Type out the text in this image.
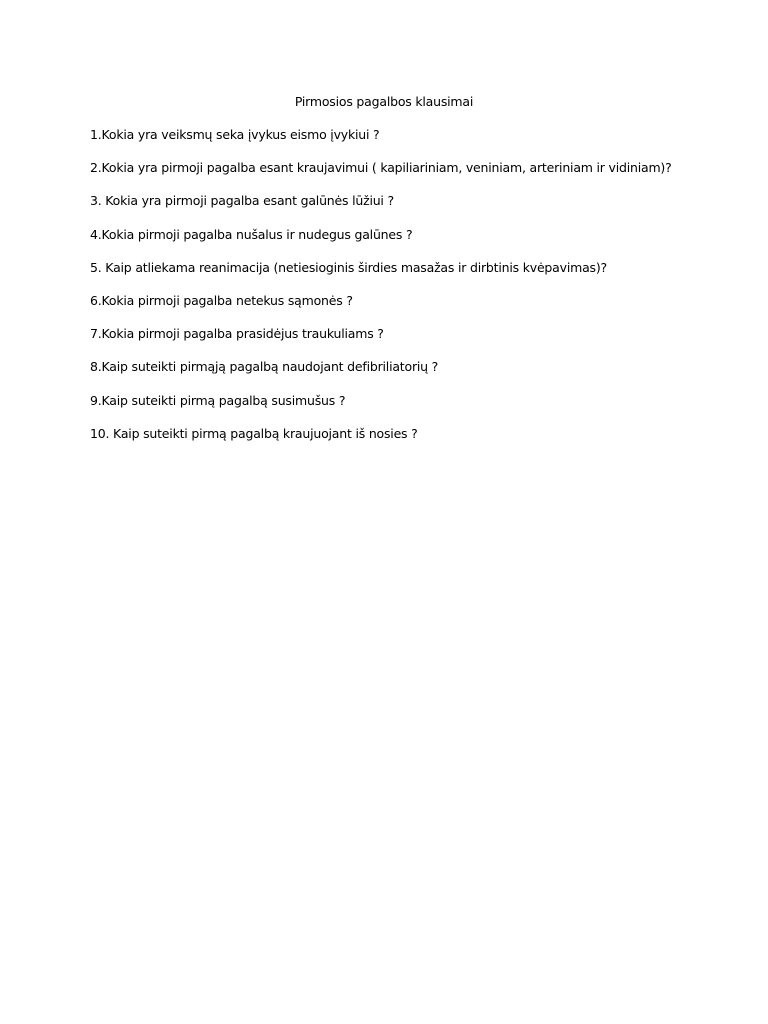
Pirmosios pagalbos klausimai
1.Kokia yra veiksmų seka įvykus eismo įvykiui ?
2.Kokia yra pirmoji pagalba esant kraujavimui ( kapiliariniam, veniniam, arteriniam ir vidiniam)?
3. Kokia yra pirmoji pagalba esant galūnės lūžiui ?
4.Kokia pirmoji pagalba nušalus ir nudegus galūnes ?
5. Kaip atliekama reanimacija (netiesioginis širdies masažas ir dirbtinis kvėpavimas)?
6.Kokia pirmoji pagalba netekus sąmonės ?
7.Kokia pirmoji pagalba prasidėjus traukuliams ?
8.Kaip suteikti pirmąją pagalbą naudojant defibriliatorių ?
9.Kaip suteikti pirmą pagalbą susimušus ?
10. Kaip suteikti pirmą pagalbą kraujuojant iš nosies ?
